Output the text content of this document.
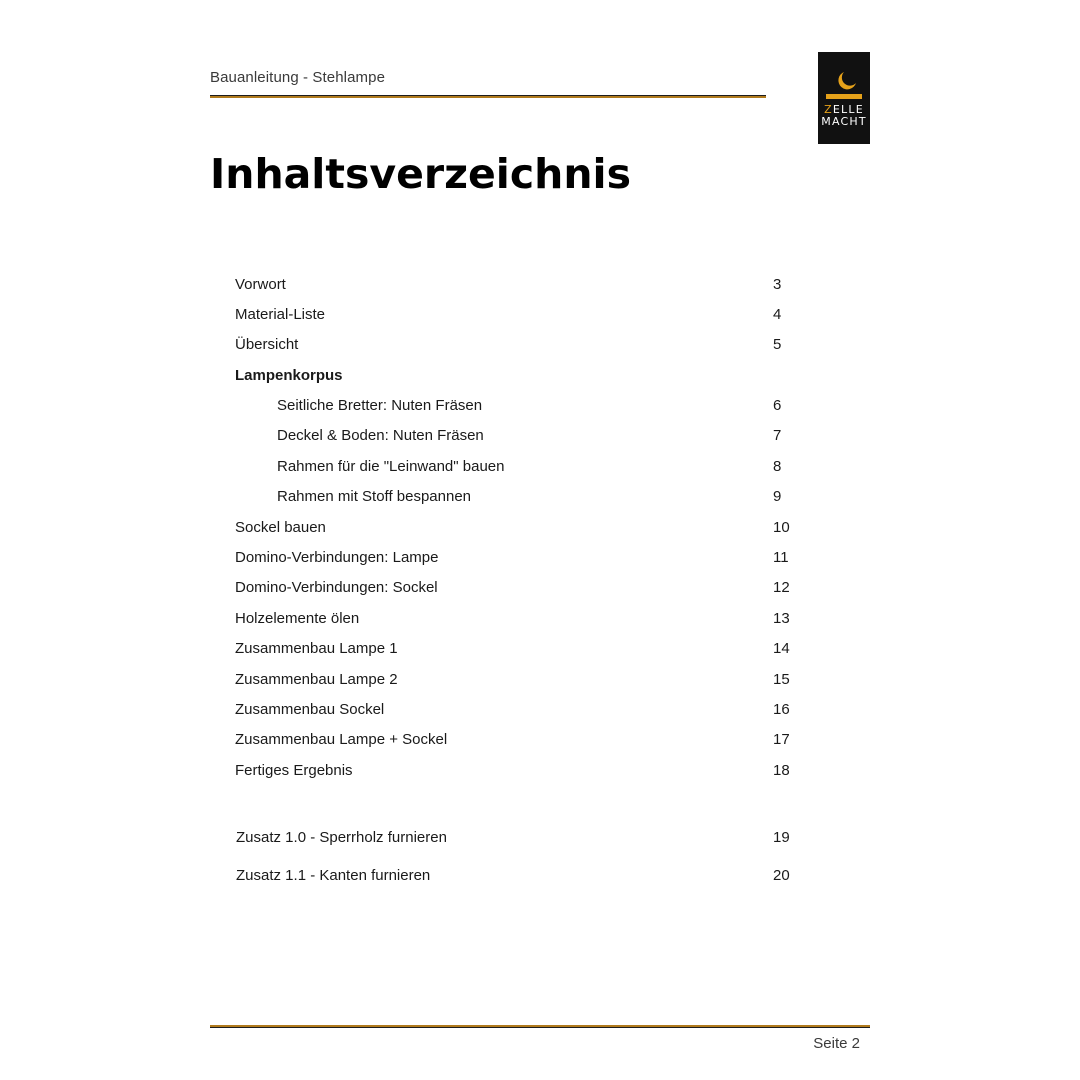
Bauanleitung - Stehlampe
ZELLE
MACHT
Inhaltsverzeichnis
Vorwort	3
Material-Liste	4
Übersicht	5
Lampenkorpus
Seitliche Bretter: Nuten Fräsen	6
Deckel & Boden: Nuten Fräsen	7
Rahmen für die "Leinwand" bauen	8
Rahmen mit Stoff bespannen	9
Sockel bauen	10
Domino-Verbindungen: Lampe	11
Domino-Verbindungen: Sockel	12
Holzelemente ölen	13
Zusammenbau Lampe 1	14
Zusammenbau Lampe 2	15
Zusammenbau Sockel	16
Zusammenbau Lampe + Sockel	17
Fertiges Ergebnis	18
Zusatz 1.0 - Sperrholz furnieren	19
Zusatz 1.1 - Kanten furnieren	20
Seite 2
